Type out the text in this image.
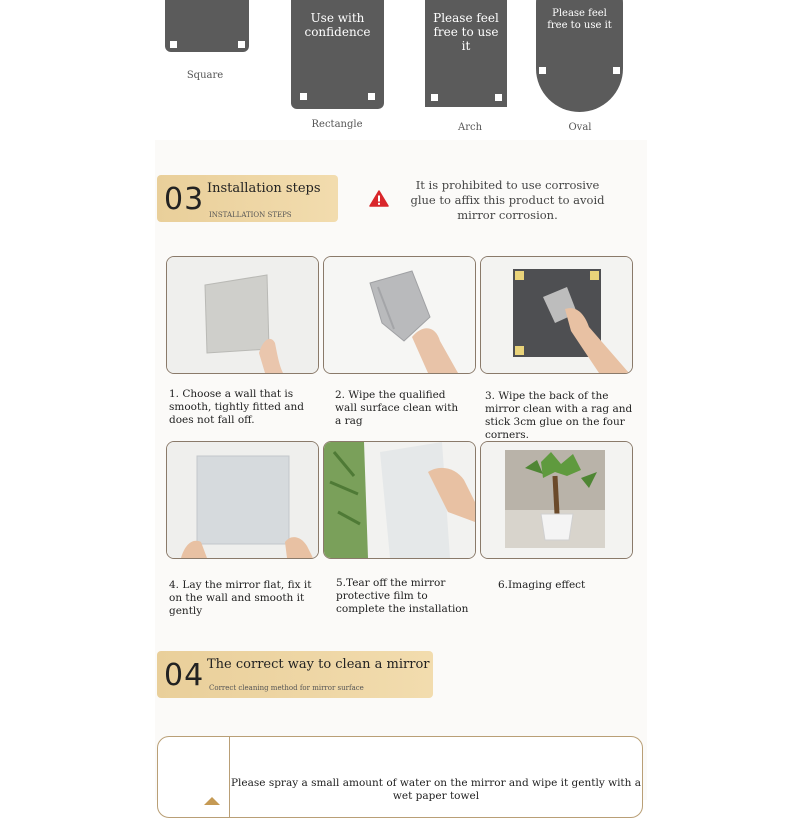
Square
Use with confidence
Rectangle
Please feel free to use it
Arch
Please feel free to use it
Oval
03 Installation steps
INSTALLATION STEPS
It is prohibited to use corrosive glue to affix this product to avoid mirror corrosion.
1. Choose a wall that is smooth, tightly fitted and does not fall off.
2. Wipe the qualified wall surface clean with a rag
3. Wipe the back of the mirror clean with a rag and stick 3cm glue on the four corners.
4. Lay the mirror flat, fix it on the wall and smooth it gently
5.Tear off the mirror protective film to complete the installation
6.Imaging effect
04 The correct way to clean a mirror
Correct cleaning method for mirror surface
Please spray a small amount of water on the mirror and wipe it gently with a wet paper towel
